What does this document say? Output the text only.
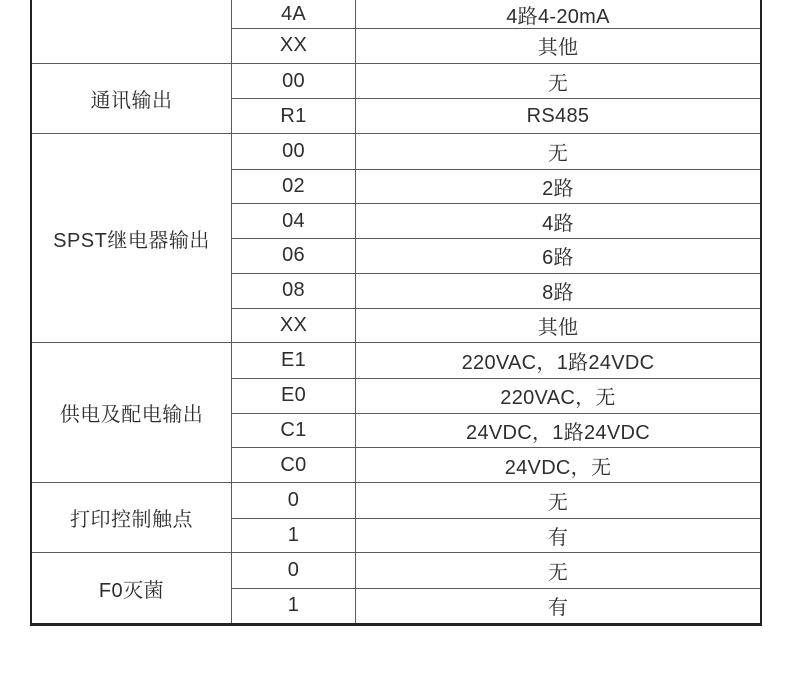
4A	4路4-20mA
XX	其他
通讯输出
00	无
R1	RS485
SPST继电器输出
00	无
02	2路
04	4路
06	6路
08	8路
XX	其他
供电及配电输出
E1	220VAC，1路24VDC
E0	220VAC，无
C1	24VDC，1路24VDC
C0	24VDC，无
打印控制触点
0	无
1	有
F0灭菌
0	无
1	有
